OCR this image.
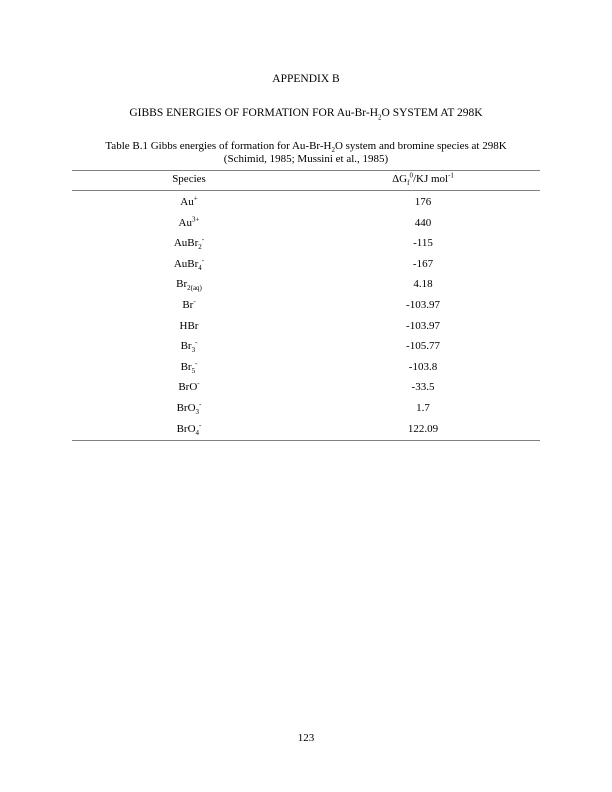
APPENDIX B
GIBBS ENERGIES OF FORMATION FOR $Au-Br-H_2O$ SYSTEM AT 298K
Table B.1 Gibbs energies of formation for $Au-Br-H_2O$ system and bromine species at 298K
(Schimid, 1985; Mussini et al., 1985)
Species	$\Delta G_f^0/KJ$ mol$^{-1}$
Au+	176
$Au^{3+}$	440
AuBr$_2$-	-115
AuBr$_4$-	-167
$Br_{2(aq)}$	4.18
Br-	-103.97
HBr	-103.97
$Br_3^-$	-105.77
$Br_5^-$	-103.8
BrO-	-33.5
BrO$_3$-	1.7
BrO$_4$-	122.09
123
